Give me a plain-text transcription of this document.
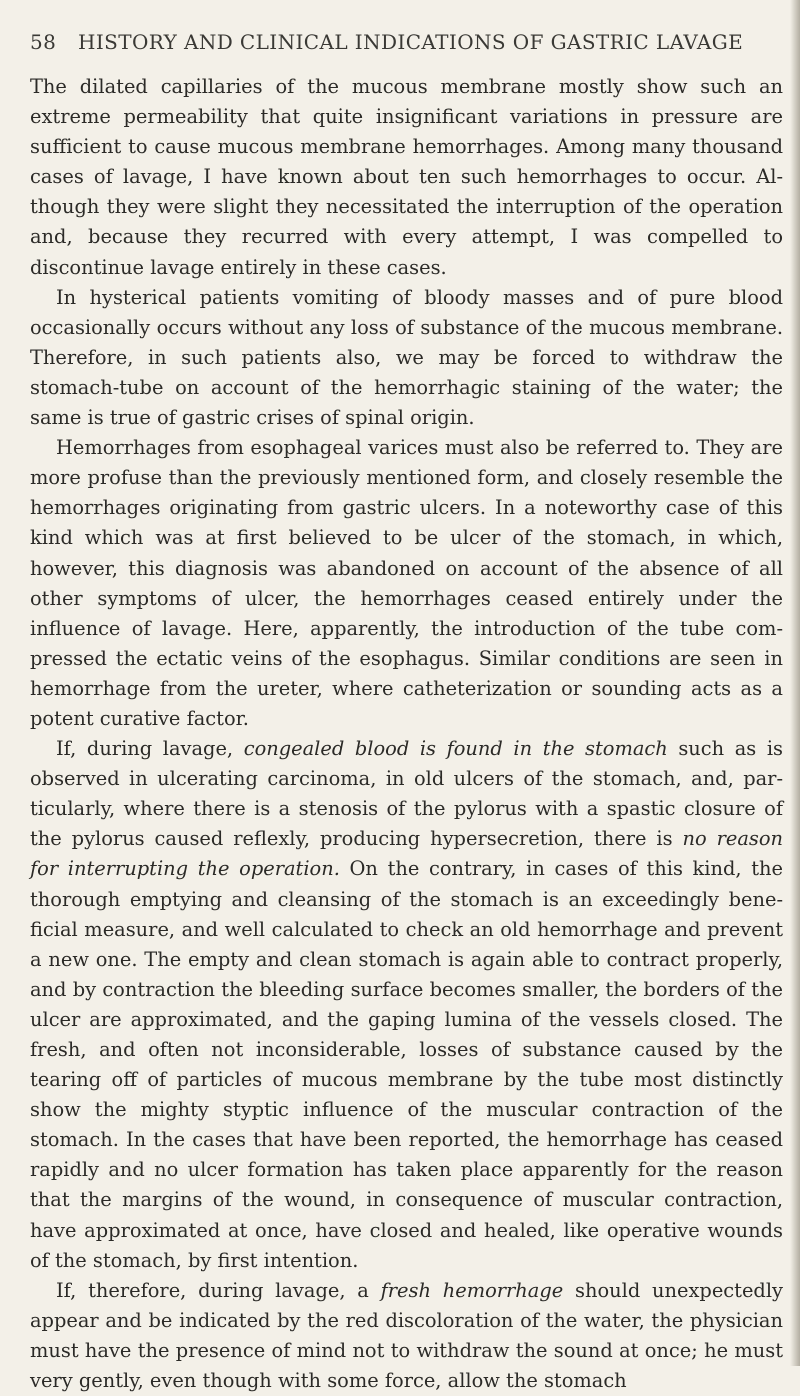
58 HISTORY AND CLINICAL INDICATIONS OF GASTRIC LAVAGE

The dilated capillaries of the mucous membrane mostly show such an extreme permeability that quite insignificant variations in pressure are sufficient to cause mucous membrane hemorrhages. Among many thousand cases of lavage, I have known about ten such hemorrhages to occur. Although they were slight they necessitated the interruption of the operation and, because they recurred with every attempt, I was compelled to discontinue lavage entirely in these cases.

In hysterical patients vomiting of bloody masses and of pure blood occasionally occurs without any loss of substance of the mucous membrane. Therefore, in such patients also, we may be forced to withdraw the stomach-tube on account of the hemorrhagic staining of the water; the same is true of gastric crises of spinal origin.

Hemorrhages from esophageal varices must also be referred to. They are more profuse than the previously mentioned form, and closely resemble the hemorrhages originating from gastric ulcers. In a noteworthy case of this kind which was at first believed to be ulcer of the stomach, in which, however, this diagnosis was abandoned on account of the absence of all other symptoms of ulcer, the hemorrhages ceased entirely under the influence of lavage. Here, apparently, the introduction of the tube compressed the ectatic veins of the esophagus. Similar conditions are seen in hemorrhage from the ureter, where catheterization or sounding acts as a potent curative factor.

If, during lavage, congealed blood is found in the stomach such as is observed in ulcerating carcinoma, in old ulcers of the stomach, and, particularly, where there is a stenosis of the pylorus with a spastic closure of the pylorus caused reflexly, producing hypersecretion, there is no reason for interrupting the operation. On the contrary, in cases of this kind, the thorough emptying and cleansing of the stomach is an exceedingly beneficial measure, and well calculated to check an old hemorrhage and prevent a new one. The empty and clean stomach is again able to contract properly, and by contraction the bleeding surface becomes smaller, the borders of the ulcer are approximated, and the gaping lumina of the vessels closed. The fresh, and often not inconsiderable, losses of substance caused by the tearing off of particles of mucous membrane by the tube most distinctly show the mighty styptic influence of the muscular contraction of the stomach. In the cases that have been reported, the hemorrhage has ceased rapidly and no ulcer formation has taken place apparently for the reason that the margins of the wound, in consequence of muscular contraction, have approximated at once, have closed and healed, like operative wounds of the stomach, by first intention.

If, therefore, during lavage, a fresh hemorrhage should unexpectedly appear and be indicated by the red discoloration of the water, the physician must have the presence of mind not to withdraw the sound at once; he must very gently, even though with some force, allow the stomach
